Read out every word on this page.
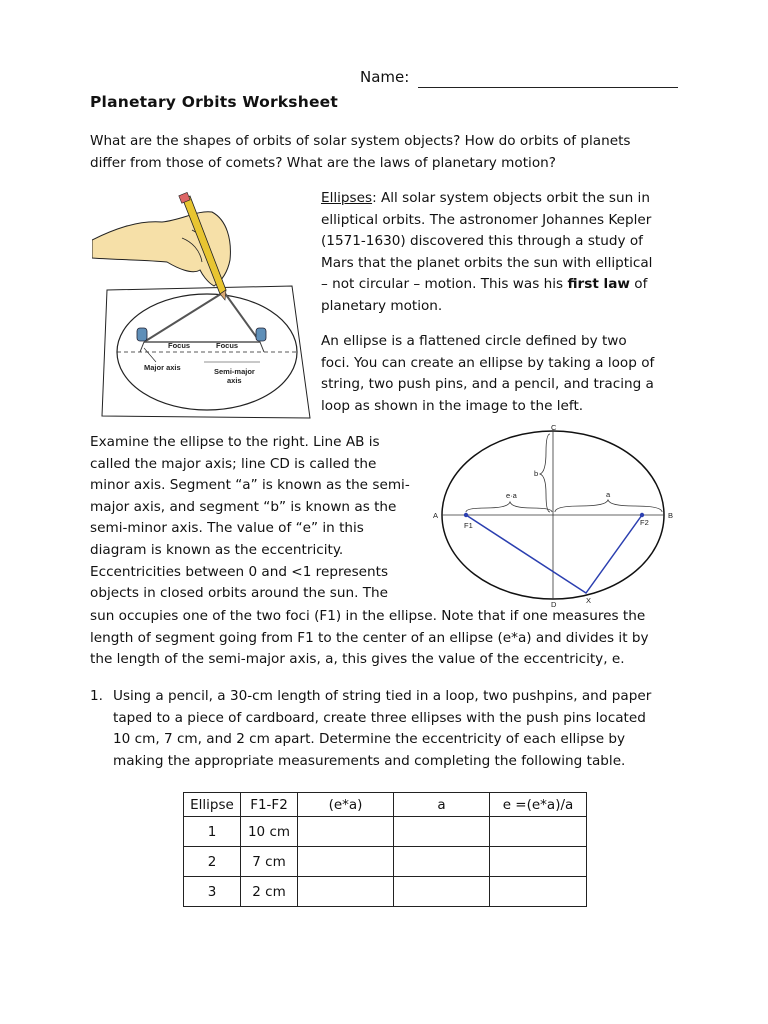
Name:
Planetary Orbits Worksheet
What are the shapes of orbits of solar system objects? How do orbits of planets
differ from those of comets? What are the laws of planetary motion?
Focus	Focus
Major axis	Semi-major
axis
Ellipses: All solar system objects orbit the sun in
elliptical orbits. The astronomer Johannes Kepler
(1571-1630) discovered this through a study of
Mars that the planet orbits the sun with elliptical
– not circular – motion. This was his first law of
planetary motion.
An ellipse is a flattened circle defined by two
foci. You can create an ellipse by taking a loop of
string, two push pins, and a pencil, and tracing a
loop as shown in the image to the left.
Examine the ellipse to the right. Line AB is
called the major axis; line CD is called the
minor axis. Segment “a” is known as the semi-
major axis, and segment “b” is known as the
semi-minor axis. The value of “e” in this
diagram is known as the eccentricity.
Eccentricities between 0 and <1 represents
objects in closed orbits around the sun. The
C
D
A	B
b
e·a	a
F1	F2
X
sun occupies one of the two foci (F1) in the ellipse. Note that if one measures the
length of segment going from F1 to the center of an ellipse (e*a) and divides it by
the length of the semi-major axis, a, this gives the value of the eccentricity, e.
1. Using a pencil, a 30-cm length of string tied in a loop, two pushpins, and paper
taped to a piece of cardboard, create three ellipses with the push pins located
10 cm, 7 cm, and 2 cm apart. Determine the eccentricity of each ellipse by
making the appropriate measurements and completing the following table.
Ellipse	F1-F2	(e*a)	a	e =(e*a)/a
1	10 cm			
2	7 cm			
3	2 cm			
